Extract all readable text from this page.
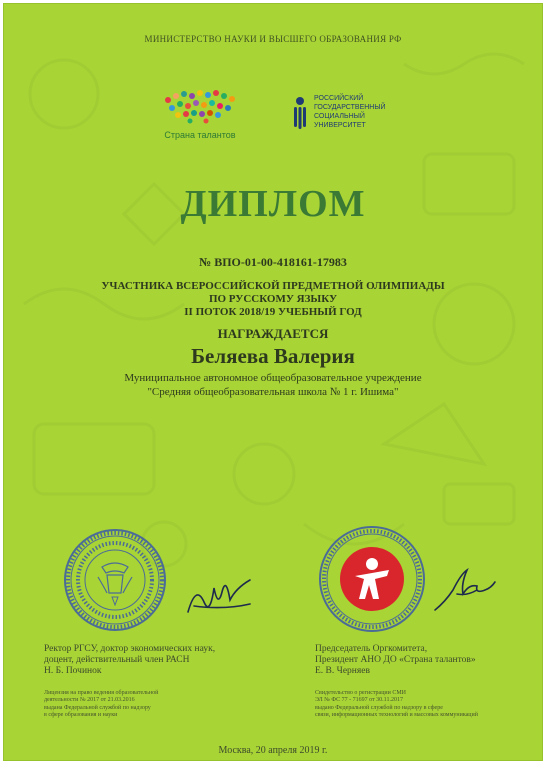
МИНИСТЕРСТВО НАУКИ И ВЫСШЕГО ОБРАЗОВАНИЯ РФ
Страна талантов
РОССИЙСКИЙ
ГОСУДАРСТВЕННЫЙ
СОЦИАЛЬНЫЙ
УНИВЕРСИТЕТ
ДИПЛОМ
№ ВПО-01-00-418161-17983
УЧАСТНИКА ВСЕРОССИЙСКОЙ ПРЕДМЕТНОЙ ОЛИМПИАДЫ
ПО РУССКОМУ ЯЗЫКУ
II ПОТОК 2018/19 УЧЕБНЫЙ ГОД
НАГРАЖДАЕТСЯ
Беляева Валерия
Муниципальное автономное общеобразовательное учреждение
"Средняя общеобразовательная школа № 1 г. Ишима"
Ректор РГСУ, доктор экономических наук,
доцент, действительный член РАСН
Н. Б. Починок
Председатель Оргкомитета,
Президент АНО ДО «Страна талантов»
Е. В. Черняев
Лицензия на право ведения образовательной
деятельности № 2017 от 21.03.2016
выдана Федеральной службой по надзору
в сфере образования и науки
Свидетельство о регистрации СМИ
ЭЛ № ФС 77 - 71697 от 30.11.2017
выдано Федеральной службой по надзору в сфере
связи, информационных технологий и массовых коммуникаций
Москва, 20 апреля 2019 г.
